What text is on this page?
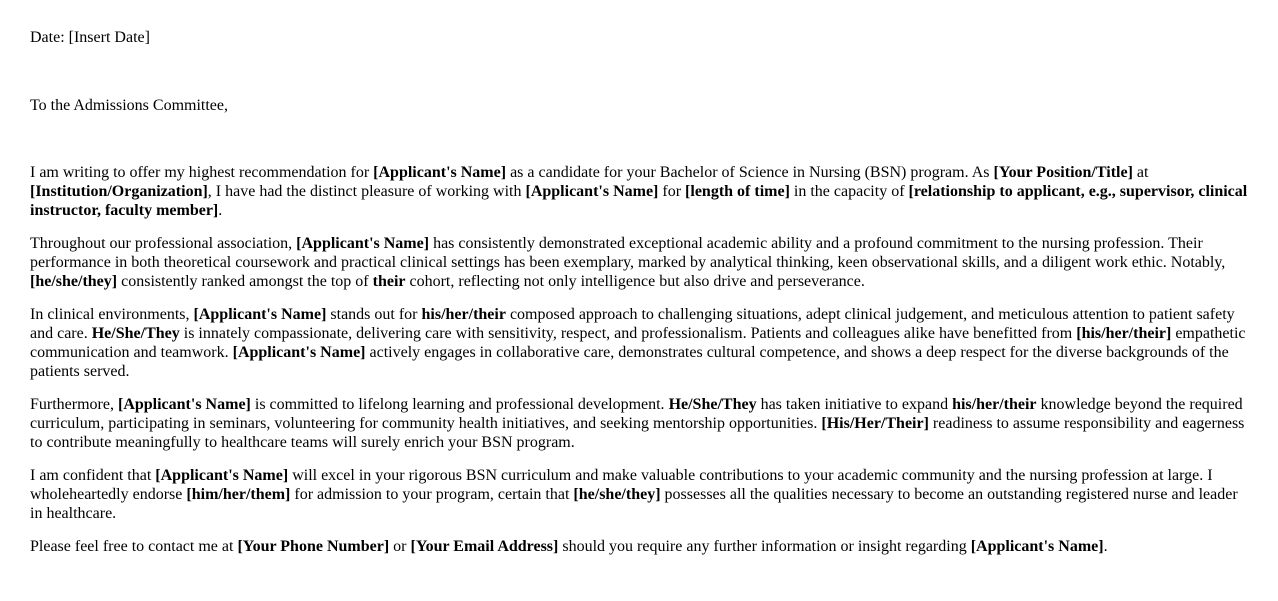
Date: [Insert Date]

To the Admissions Committee,

I am writing to offer my highest recommendation for [Applicant's Name] as a candidate for your Bachelor of Science in Nursing (BSN) program. As [Your Position/Title] at [Institution/Organization], I have had the distinct pleasure of working with [Applicant's Name] for [length of time] in the capacity of [relationship to applicant, e.g., supervisor, clinical instructor, faculty member].

Throughout our professional association, [Applicant's Name] has consistently demonstrated exceptional academic ability and a profound commitment to the nursing profession. Their performance in both theoretical coursework and practical clinical settings has been exemplary, marked by analytical thinking, keen observational skills, and a diligent work ethic. Notably, [he/she/they] consistently ranked amongst the top of their cohort, reflecting not only intelligence but also drive and perseverance.

In clinical environments, [Applicant's Name] stands out for his/her/their composed approach to challenging situations, adept clinical judgement, and meticulous attention to patient safety and care. He/She/They is innately compassionate, delivering care with sensitivity, respect, and professionalism. Patients and colleagues alike have benefitted from [his/her/their] empathetic communication and teamwork. [Applicant's Name] actively engages in collaborative care, demonstrates cultural competence, and shows a deep respect for the diverse backgrounds of the patients served.

Furthermore, [Applicant's Name] is committed to lifelong learning and professional development. He/She/They has taken initiative to expand his/her/their knowledge beyond the required curriculum, participating in seminars, volunteering for community health initiatives, and seeking mentorship opportunities. [His/Her/Their] readiness to assume responsibility and eagerness to contribute meaningfully to healthcare teams will surely enrich your BSN program.

I am confident that [Applicant's Name] will excel in your rigorous BSN curriculum and make valuable contributions to your academic community and the nursing profession at large. I wholeheartedly endorse [him/her/them] for admission to your program, certain that [he/she/they] possesses all the qualities necessary to become an outstanding registered nurse and leader in healthcare.

Please feel free to contact me at [Your Phone Number] or [Your Email Address] should you require any further information or insight regarding [Applicant's Name].
